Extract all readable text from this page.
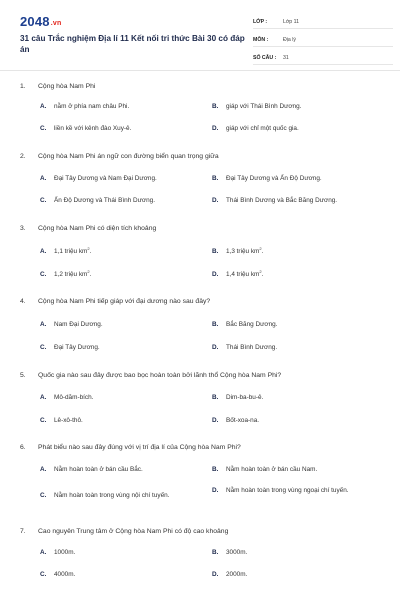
2048.vn
31 câu Trắc nghiệm Địa lí 11 Kết nối tri thức Bài 30 có đáp án
LỚP :	Lớp 11
MÔN :	Địa lý
SỐ CÂU :	31
1. Cộng hòa Nam Phi
A.	nằm ở phía nam châu Phi.	B.	giáp với Thái Bình Dương.
C.	liền kề với kênh đào Xuy-ê.	D.	giáp với chỉ một quốc gia.
2. Cộng hòa Nam Phi án ngữ con đường biển quan trọng giữa
A.	Đại Tây Dương và Nam Đại Dương.	B.	Đại Tây Dương và Ấn Độ Dương.
C.	Ấn Độ Dương và Thái Bình Dương.	D.	Thái Bình Dương và Bắc Băng Dương.
3. Cộng hòa Nam Phi có diện tích khoảng
A.	1,1 triệu $km^2$.	B.	1,3 triệu $km^2$.
C.	1,2 triệu $km^2$.	D.	1,4 triệu $km^2$.
4. Cộng hòa Nam Phi tiếp giáp với đại dương nào sau đây?
A.	Nam Đại Dương.	B.	Bắc Băng Dương.
C.	Đại Tây Dương.	D.	Thái Bình Dương.
5. Quốc gia nào sau đây được bao bọc hoàn toàn bởi lãnh thổ Cộng hòa Nam Phi?
A.	Mô-dăm-bích.	B.	Dim-ba-bu-ê.
C.	Lê-xô-thô.	D.	Bốt-xoa-na.
6. Phát biểu nào sau đây đúng với vị trí địa lí của Cộng hòa Nam Phi?
A.	Nằm hoàn toàn ở bán cầu Bắc.	B.	Nằm hoàn toàn ở bán cầu Nam.
C.	Nằm hoàn toàn trong vùng nội chí tuyến.
D.	Nằm hoàn toàn trong vùng ngoại chí tuyến.
7. Cao nguyên Trung tâm ở Cộng hòa Nam Phi có độ cao khoảng
A.	1000m.	B.	3000m.
C.	4000m.	D.	2000m.
